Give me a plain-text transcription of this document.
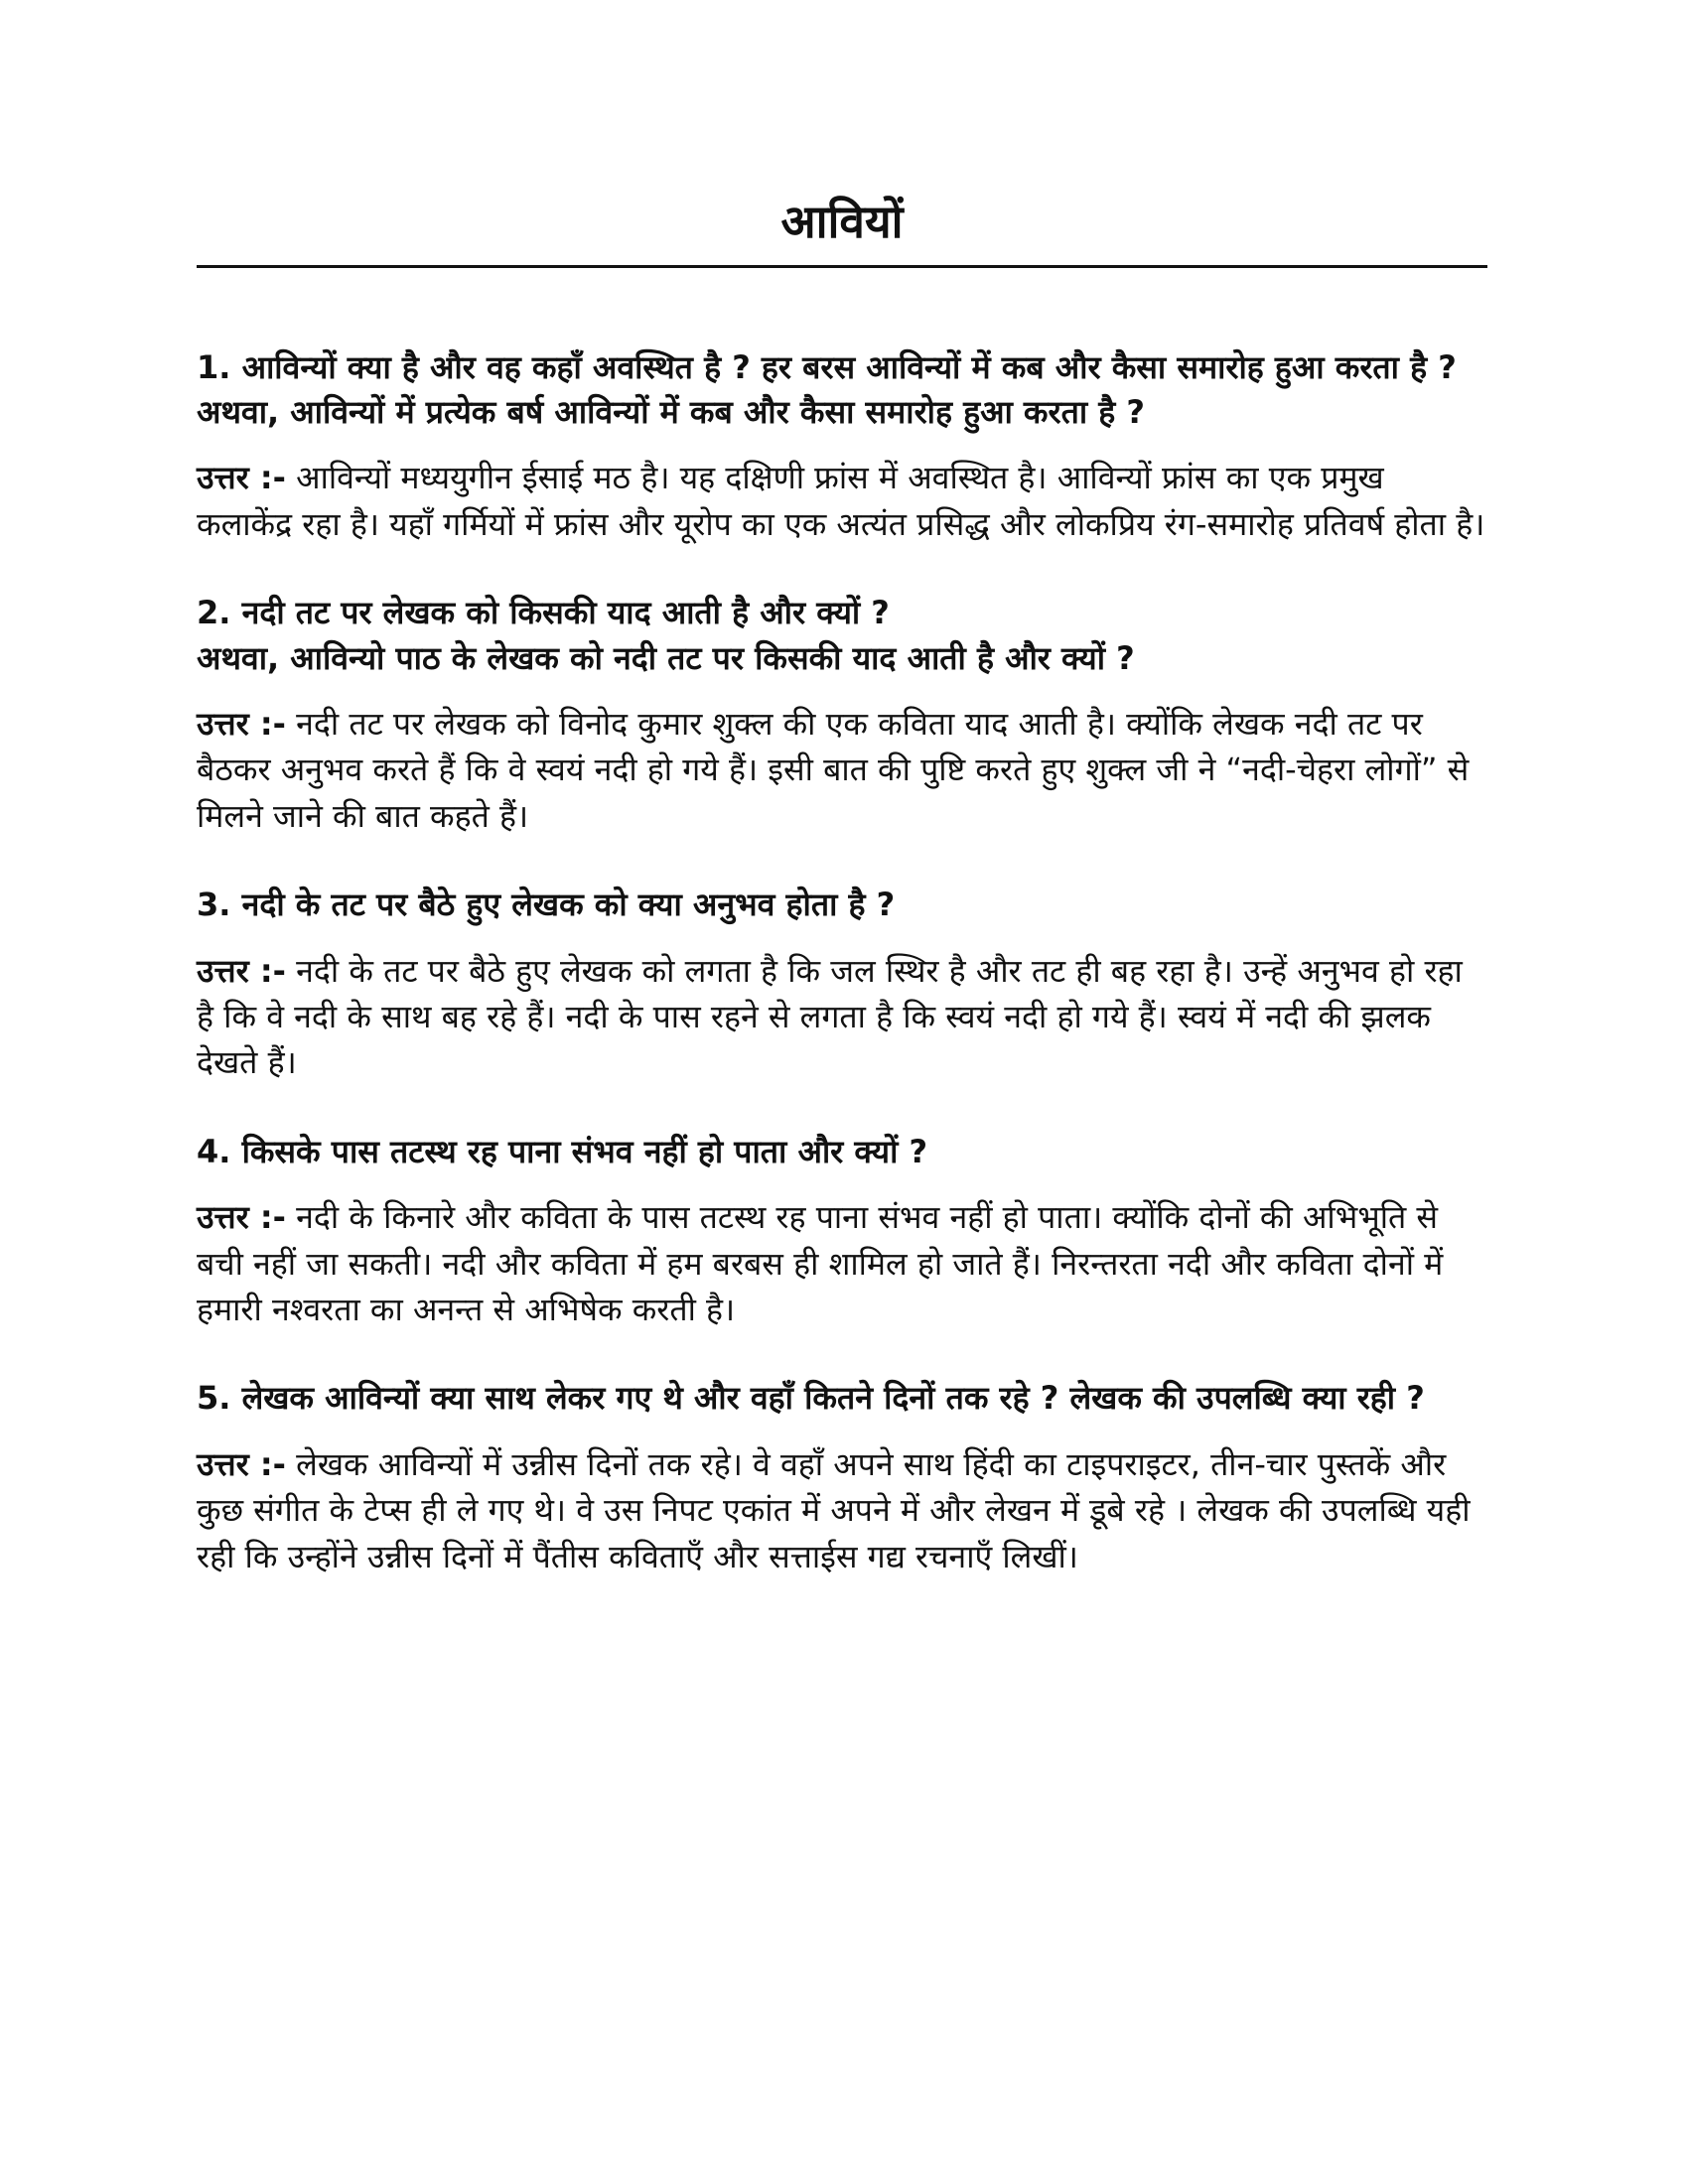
आवियों

1. आविन्यों क्या है और वह कहाँ अवस्थित है ? हर बरस आविन्यों में कब और कैसा समारोह हुआ करता है ?
अथवा, आविन्यों में प्रत्येक बर्ष आविन्यों में कब और कैसा समारोह हुआ करता है ?

उत्तर :- आविन्यों मध्ययुगीन ईसाई मठ है। यह दक्षिणी फ्रांस में अवस्थित है। आविन्यों फ्रांस का एक प्रमुख कलाकेंद्र रहा है। यहाँ गर्मियों में फ्रांस और यूरोप का एक अत्यंत प्रसिद्ध और लोकप्रिय रंग-समारोह प्रतिवर्ष होता है।

2. नदी तट पर लेखक को किसकी याद आती है और क्यों ?
अथवा, आविन्यो पाठ के लेखक को नदी तट पर किसकी याद आती है और क्यों ?

उत्तर :- नदी तट पर लेखक को विनोद कुमार शुक्ल की एक कविता याद आती है। क्योंकि लेखक नदी तट पर बैठकर अनुभव करते हैं कि वे स्वयं नदी हो गये हैं। इसी बात की पुष्टि करते हुए शुक्ल जी ने “नदी-चेहरा लोगों” से मिलने जाने की बात कहते हैं।

3. नदी के तट पर बैठे हुए लेखक को क्या अनुभव होता है ?

उत्तर :- नदी के तट पर बैठे हुए लेखक को लगता है कि जल स्थिर है और तट ही बह रहा है। उन्हें अनुभव हो रहा है कि वे नदी के साथ बह रहे हैं। नदी के पास रहने से लगता है कि स्वयं नदी हो गये हैं। स्वयं में नदी की झलक देखते हैं।

4. किसके पास तटस्थ रह पाना संभव नहीं हो पाता और क्यों ?

उत्तर :- नदी के किनारे और कविता के पास तटस्थ रह पाना संभव नहीं हो पाता। क्योंकि दोनों की अभिभूति से बची नहीं जा सकती। नदी और कविता में हम बरबस ही शामिल हो जाते हैं। निरन्तरता नदी और कविता दोनों में हमारी नश्वरता का अनन्त से अभिषेक करती है।

5. लेखक आविन्यों क्या साथ लेकर गए थे और वहाँ कितने दिनों तक रहे ? लेखक की उपलब्धि क्या रही ?

उत्तर :- लेखक आविन्यों में उन्नीस दिनों तक रहे। वे वहाँ अपने साथ हिंदी का टाइपराइटर, तीन-चार पुस्तकें और कुछ संगीत के टेप्स ही ले गए थे। वे उस निपट एकांत में अपने में और लेखन में डूबे रहे । लेखक की उपलब्धि यही रही कि उन्होंने उन्नीस दिनों में पैंतीस कविताएँ और सत्ताईस गद्य रचनाएँ लिखीं।
